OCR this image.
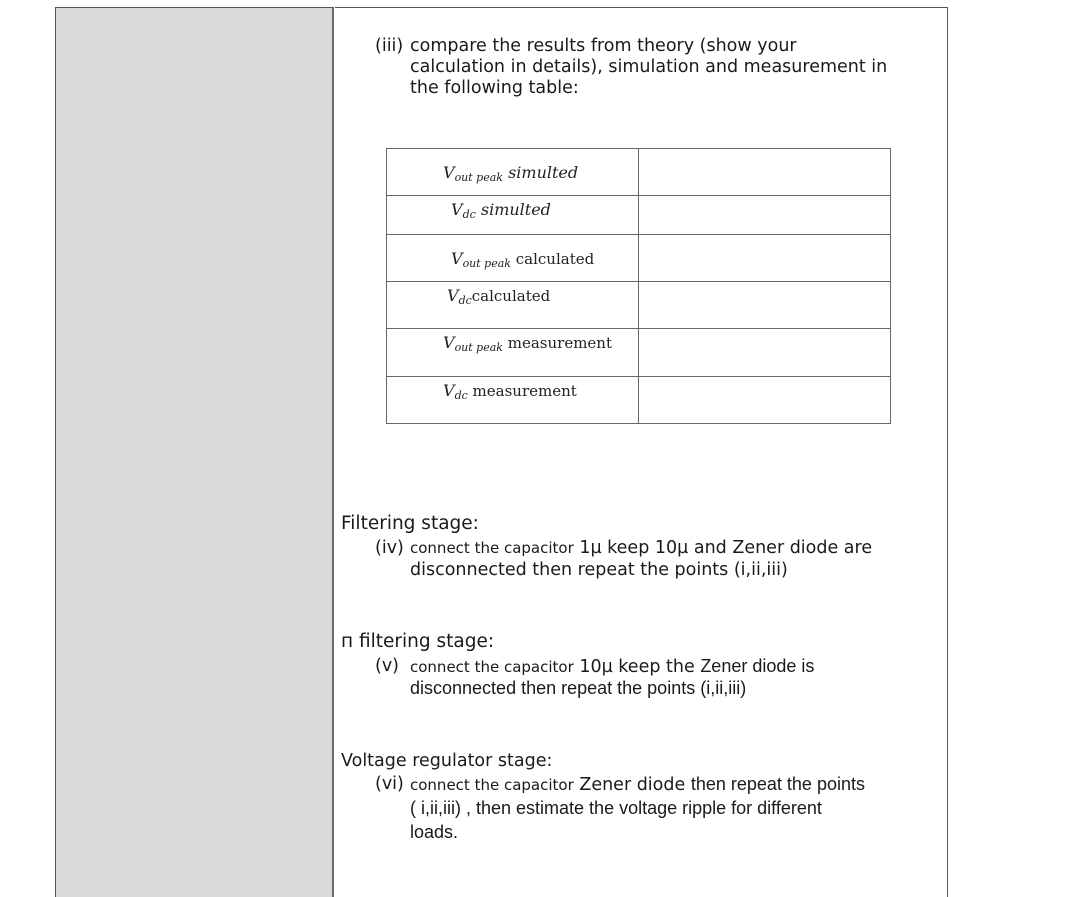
(iii) compare the results from theory (show your
calculation in details), simulation and measurement in
the following table:
$V_{out peak}$ simulted	

$V_{dc}$ simulted	

$V_{out peak}$ calculated	

$V_{dc}calculated$	

$V_{out peak}$ measurement	

$V_{dc}$ measurement	

Filtering stage:
(iv) connect the capacitor 1µ keep 10µ and Zener diode are
disconnected then repeat the points (i,ii,iii)
п filtering stage:
(v) connect the capacitor 10µ keep the Zener diode is
disconnected then repeat the points (i,ii,iii)
Voltage regulator stage:
(vi) connect the capacitor Zener diode then repeat the points
( i,ii,iii) , then estimate the voltage ripple for different
loads.
